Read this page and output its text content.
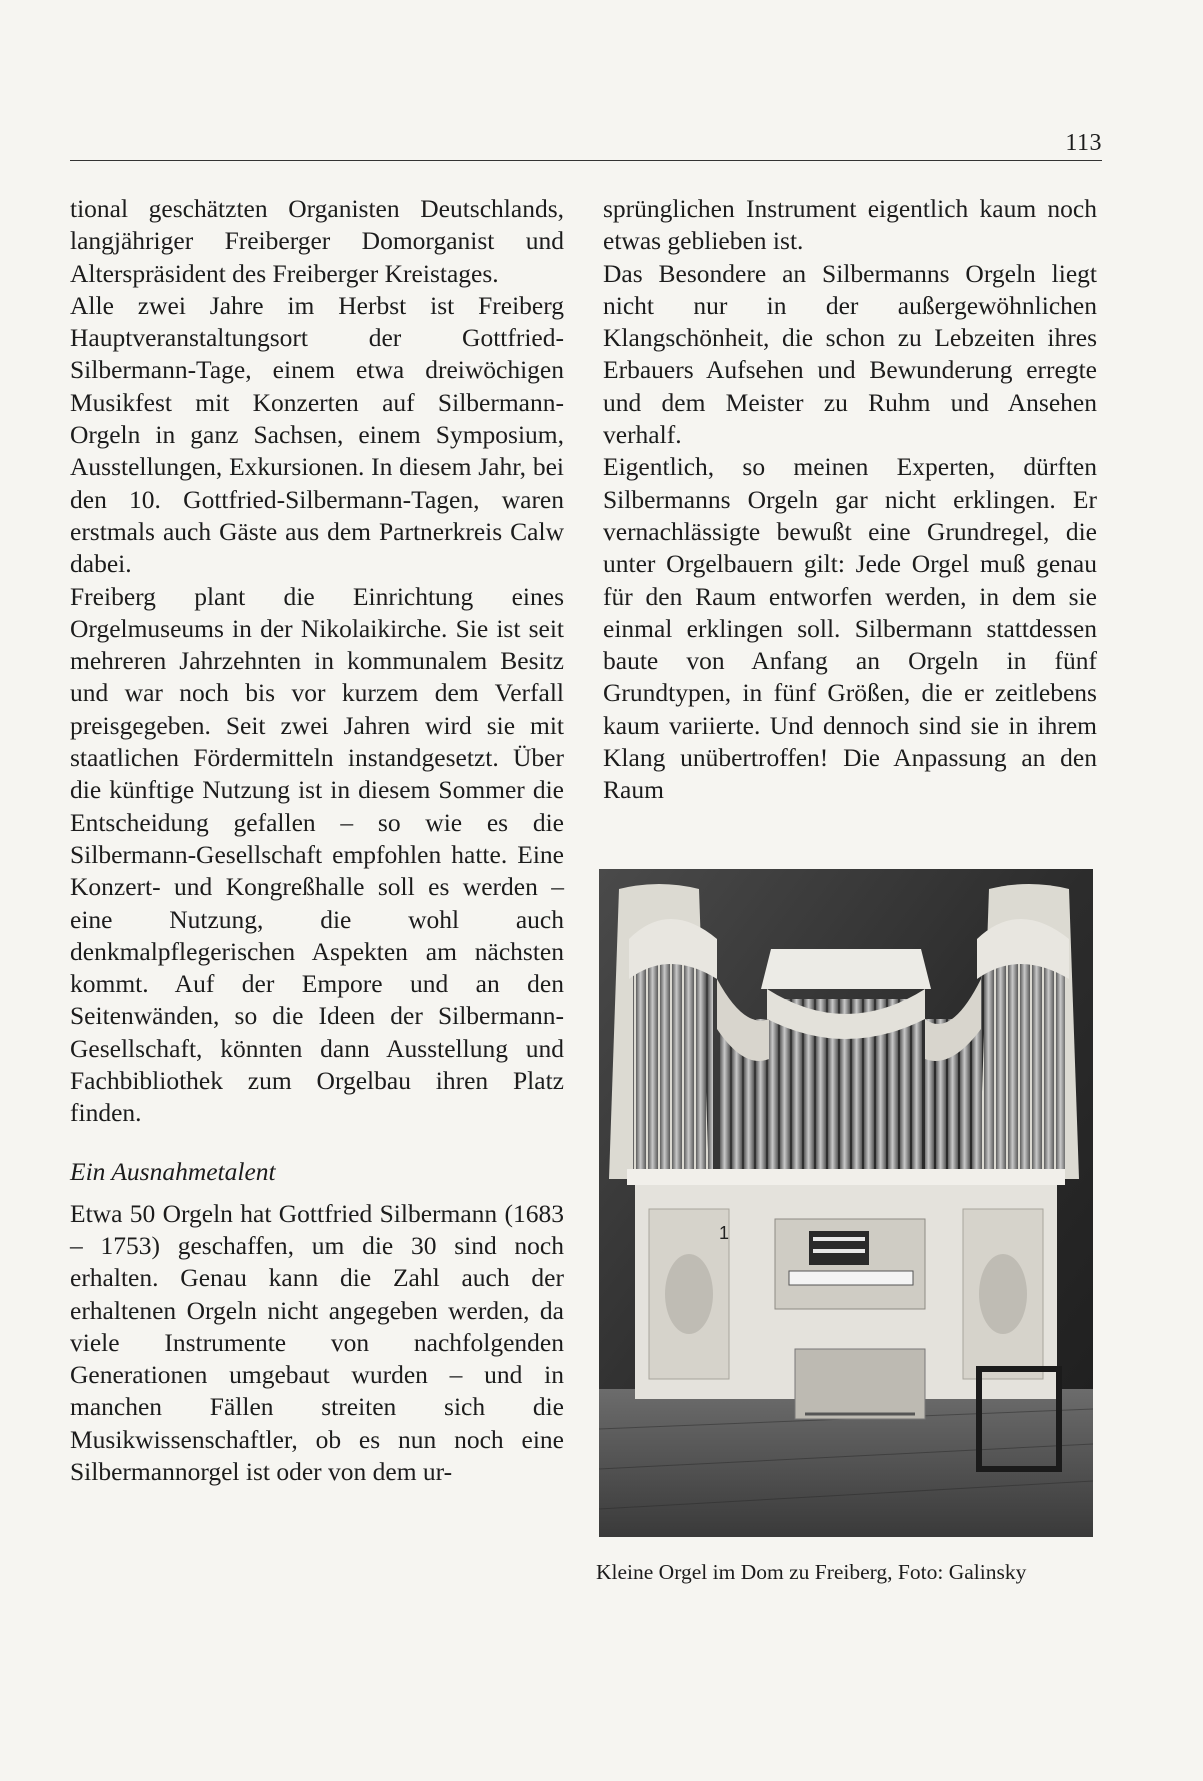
113

tional geschätzten Organisten Deutschlands, langjähriger Freiberger Domorganist und Alterspräsident des Freiberger Kreistages.

Alle zwei Jahre im Herbst ist Freiberg Hauptveranstaltungsort der Gottfried-Silbermann-Tage, einem etwa dreiwöchigen Musikfest mit Konzerten auf Silbermann-Orgeln in ganz Sachsen, einem Symposium, Ausstellungen, Exkursionen. In diesem Jahr, bei den 10. Gottfried-Silbermann-Tagen, waren erstmals auch Gäste aus dem Partnerkreis Calw dabei.

Freiberg plant die Einrichtung eines Orgelmuseums in der Nikolaikirche. Sie ist seit mehreren Jahrzehnten in kommunalem Besitz und war noch bis vor kurzem dem Verfall preisgegeben. Seit zwei Jahren wird sie mit staatlichen Fördermitteln instandgesetzt. Über die künftige Nutzung ist in diesem Sommer die Entscheidung gefallen – so wie es die Silbermann-Gesellschaft empfohlen hatte. Eine Konzert- und Kongreßhalle soll es werden – eine Nutzung, die wohl auch denkmalpflegerischen Aspekten am nächsten kommt. Auf der Empore und an den Seitenwänden, so die Ideen der Silbermann-Gesellschaft, könnten dann Ausstellung und Fachbibliothek zum Orgelbau ihren Platz finden.

Ein Ausnahmetalent

Etwa 50 Orgeln hat Gottfried Silbermann (1683 – 1753) geschaffen, um die 30 sind noch erhalten. Genau kann die Zahl auch der erhaltenen Orgeln nicht angegeben werden, da viele Instrumente von nachfolgenden Generationen umgebaut wurden – und in manchen Fällen streiten sich die Musikwissenschaftler, ob es nun noch eine Silbermannorgel ist oder von dem ur-

sprünglichen Instrument eigentlich kaum noch etwas geblieben ist.

Das Besondere an Silbermanns Orgeln liegt nicht nur in der außergewöhnlichen Klangschönheit, die schon zu Lebzeiten ihres Erbauers Aufsehen und Bewunderung erregte und dem Meister zu Ruhm und Ansehen verhalf.

Eigentlich, so meinen Experten, dürften Silbermanns Orgeln gar nicht erklingen. Er vernachlässigte bewußt eine Grundregel, die unter Orgelbauern gilt: Jede Orgel muß genau für den Raum entworfen werden, in dem sie einmal erklingen soll. Silbermann stattdessen baute von Anfang an Orgeln in fünf Grundtypen, in fünf Größen, die er zeitlebens kaum variierte. Und dennoch sind sie in ihrem Klang unübertroffen! Die Anpassung an den Raum

1
Kleine Orgel im Dom zu Freiberg, Foto: Galinsky
